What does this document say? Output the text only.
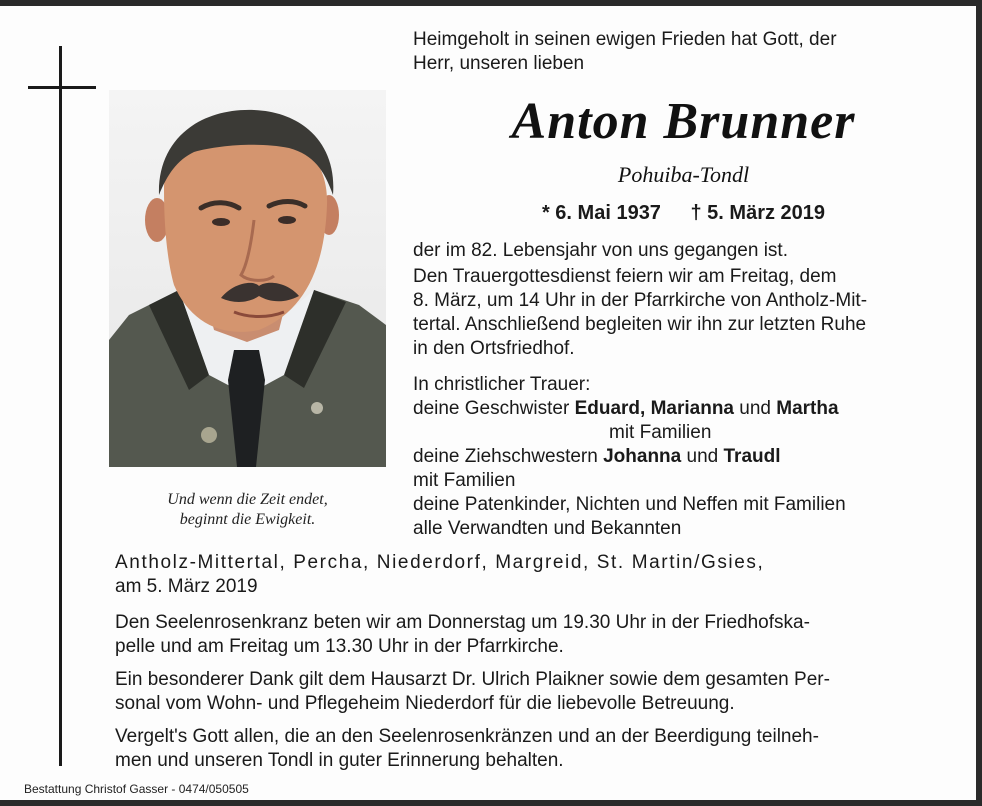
Und wenn die Zeit endet,
beginnt die Ewigkeit.
Heimgeholt in seinen ewigen Frieden hat Gott, der
Herr, unseren lieben
Anton Brunner
Pohuiba-Tondl
* 6. Mai 1937 † 5. März 2019
der im 82. Lebensjahr von uns gegangen ist.
Den Trauergottesdienst feiern wir am Freitag, dem
8. März, um 14 Uhr in der Pfarrkirche von Antholz-Mit-
tertal. Anschließend begleiten wir ihn zur letzten Ruhe
in den Ortsfriedhof.
In christlicher Trauer:
deine Geschwister Eduard, Marianna und Martha
mit Familien
deine Ziehschwestern Johanna und Traudl
mit Familien
deine Patenkinder, Nichten und Neffen mit Familien
alle Verwandten und Bekannten
Antholz-Mittertal, Percha, Niederdorf, Margreid, St. Martin/Gsies,
am 5. März 2019
Den Seelenrosenkranz beten wir am Donnerstag um 19.30 Uhr in der Friedhofska-
pelle und am Freitag um 13.30 Uhr in der Pfarrkirche.
Ein besonderer Dank gilt dem Hausarzt Dr. Ulrich Plaikner sowie dem gesamten Per-
sonal vom Wohn- und Pflegeheim Niederdorf für die liebevolle Betreuung.
Vergelt's Gott allen, die an den Seelenrosenkränzen und an der Beerdigung teilneh-
men und unseren Tondl in guter Erinnerung behalten.
Bestattung Christof Gasser - 0474/050505
